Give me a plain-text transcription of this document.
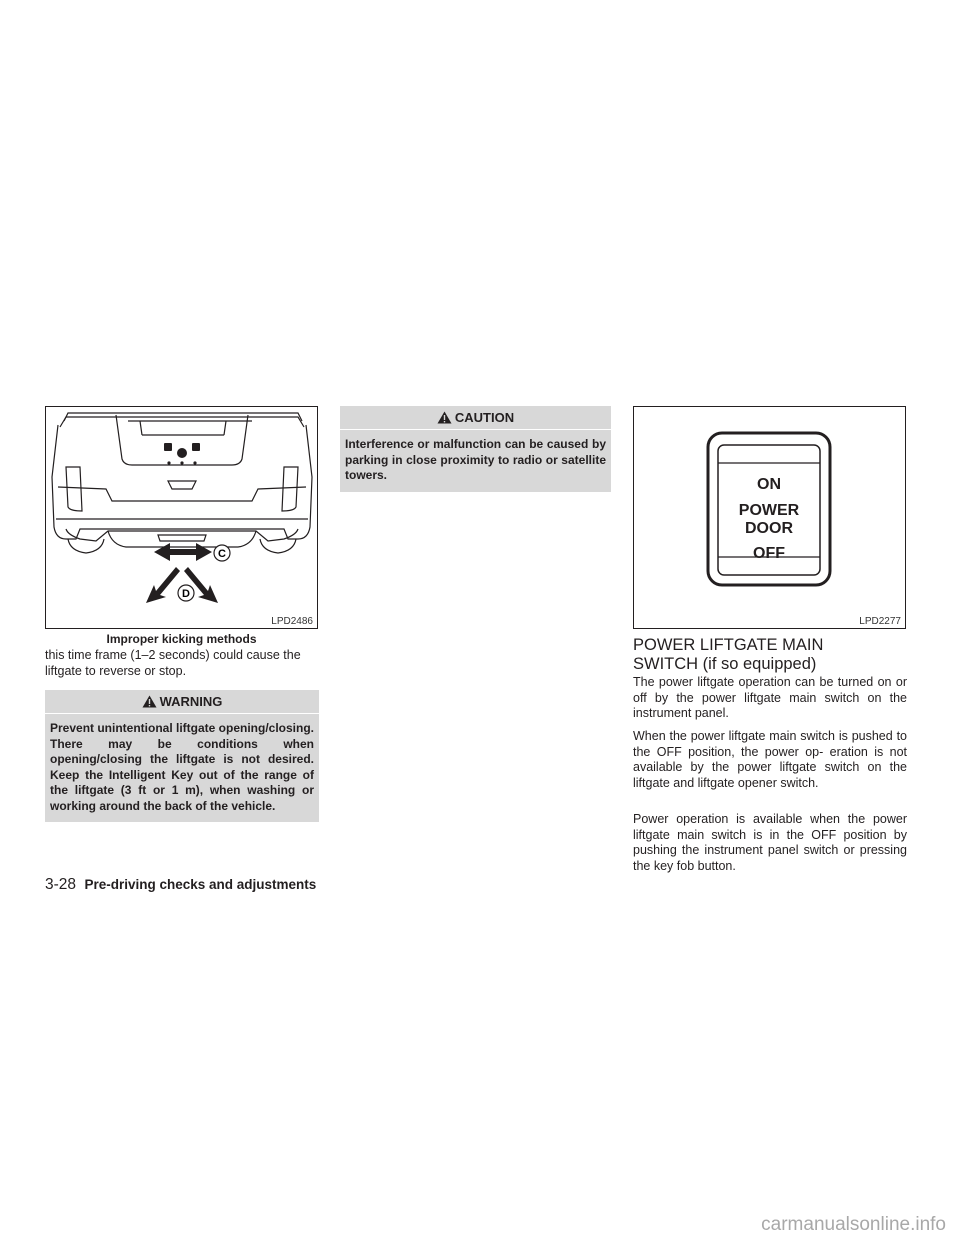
C
D
LPD2486
Improper kicking methods

this time frame (1–2 seconds) could cause the liftgate to reverse or stop.

WARNING
Prevent unintentional liftgate opening/closing. There may be conditions when opening/closing the liftgate is not desired. Keep the Intelligent Key out of the range of the liftgate (3 ft or 1 m), when washing or working around the back of the vehicle.
CAUTION
Interference or malfunction can be caused by parking in close proximity to radio or satellite towers.
ON
POWER
DOOR
OFF
LPD2277
POWER LIFTGATE MAIN
SWITCH (if so equipped)

The power liftgate operation can be turned on or off by the power liftgate main switch on the instrument panel.

When the power liftgate main switch is pushed to the OFF position, the power op- eration is not available by the power liftgate switch on the liftgate and liftgate opener switch.

Power operation is available when the power liftgate main switch is in the OFF position by pushing the instrument panel switch or pressing the key fob button.

3-28 Pre-driving checks and adjustments
carmanualsonline.info
